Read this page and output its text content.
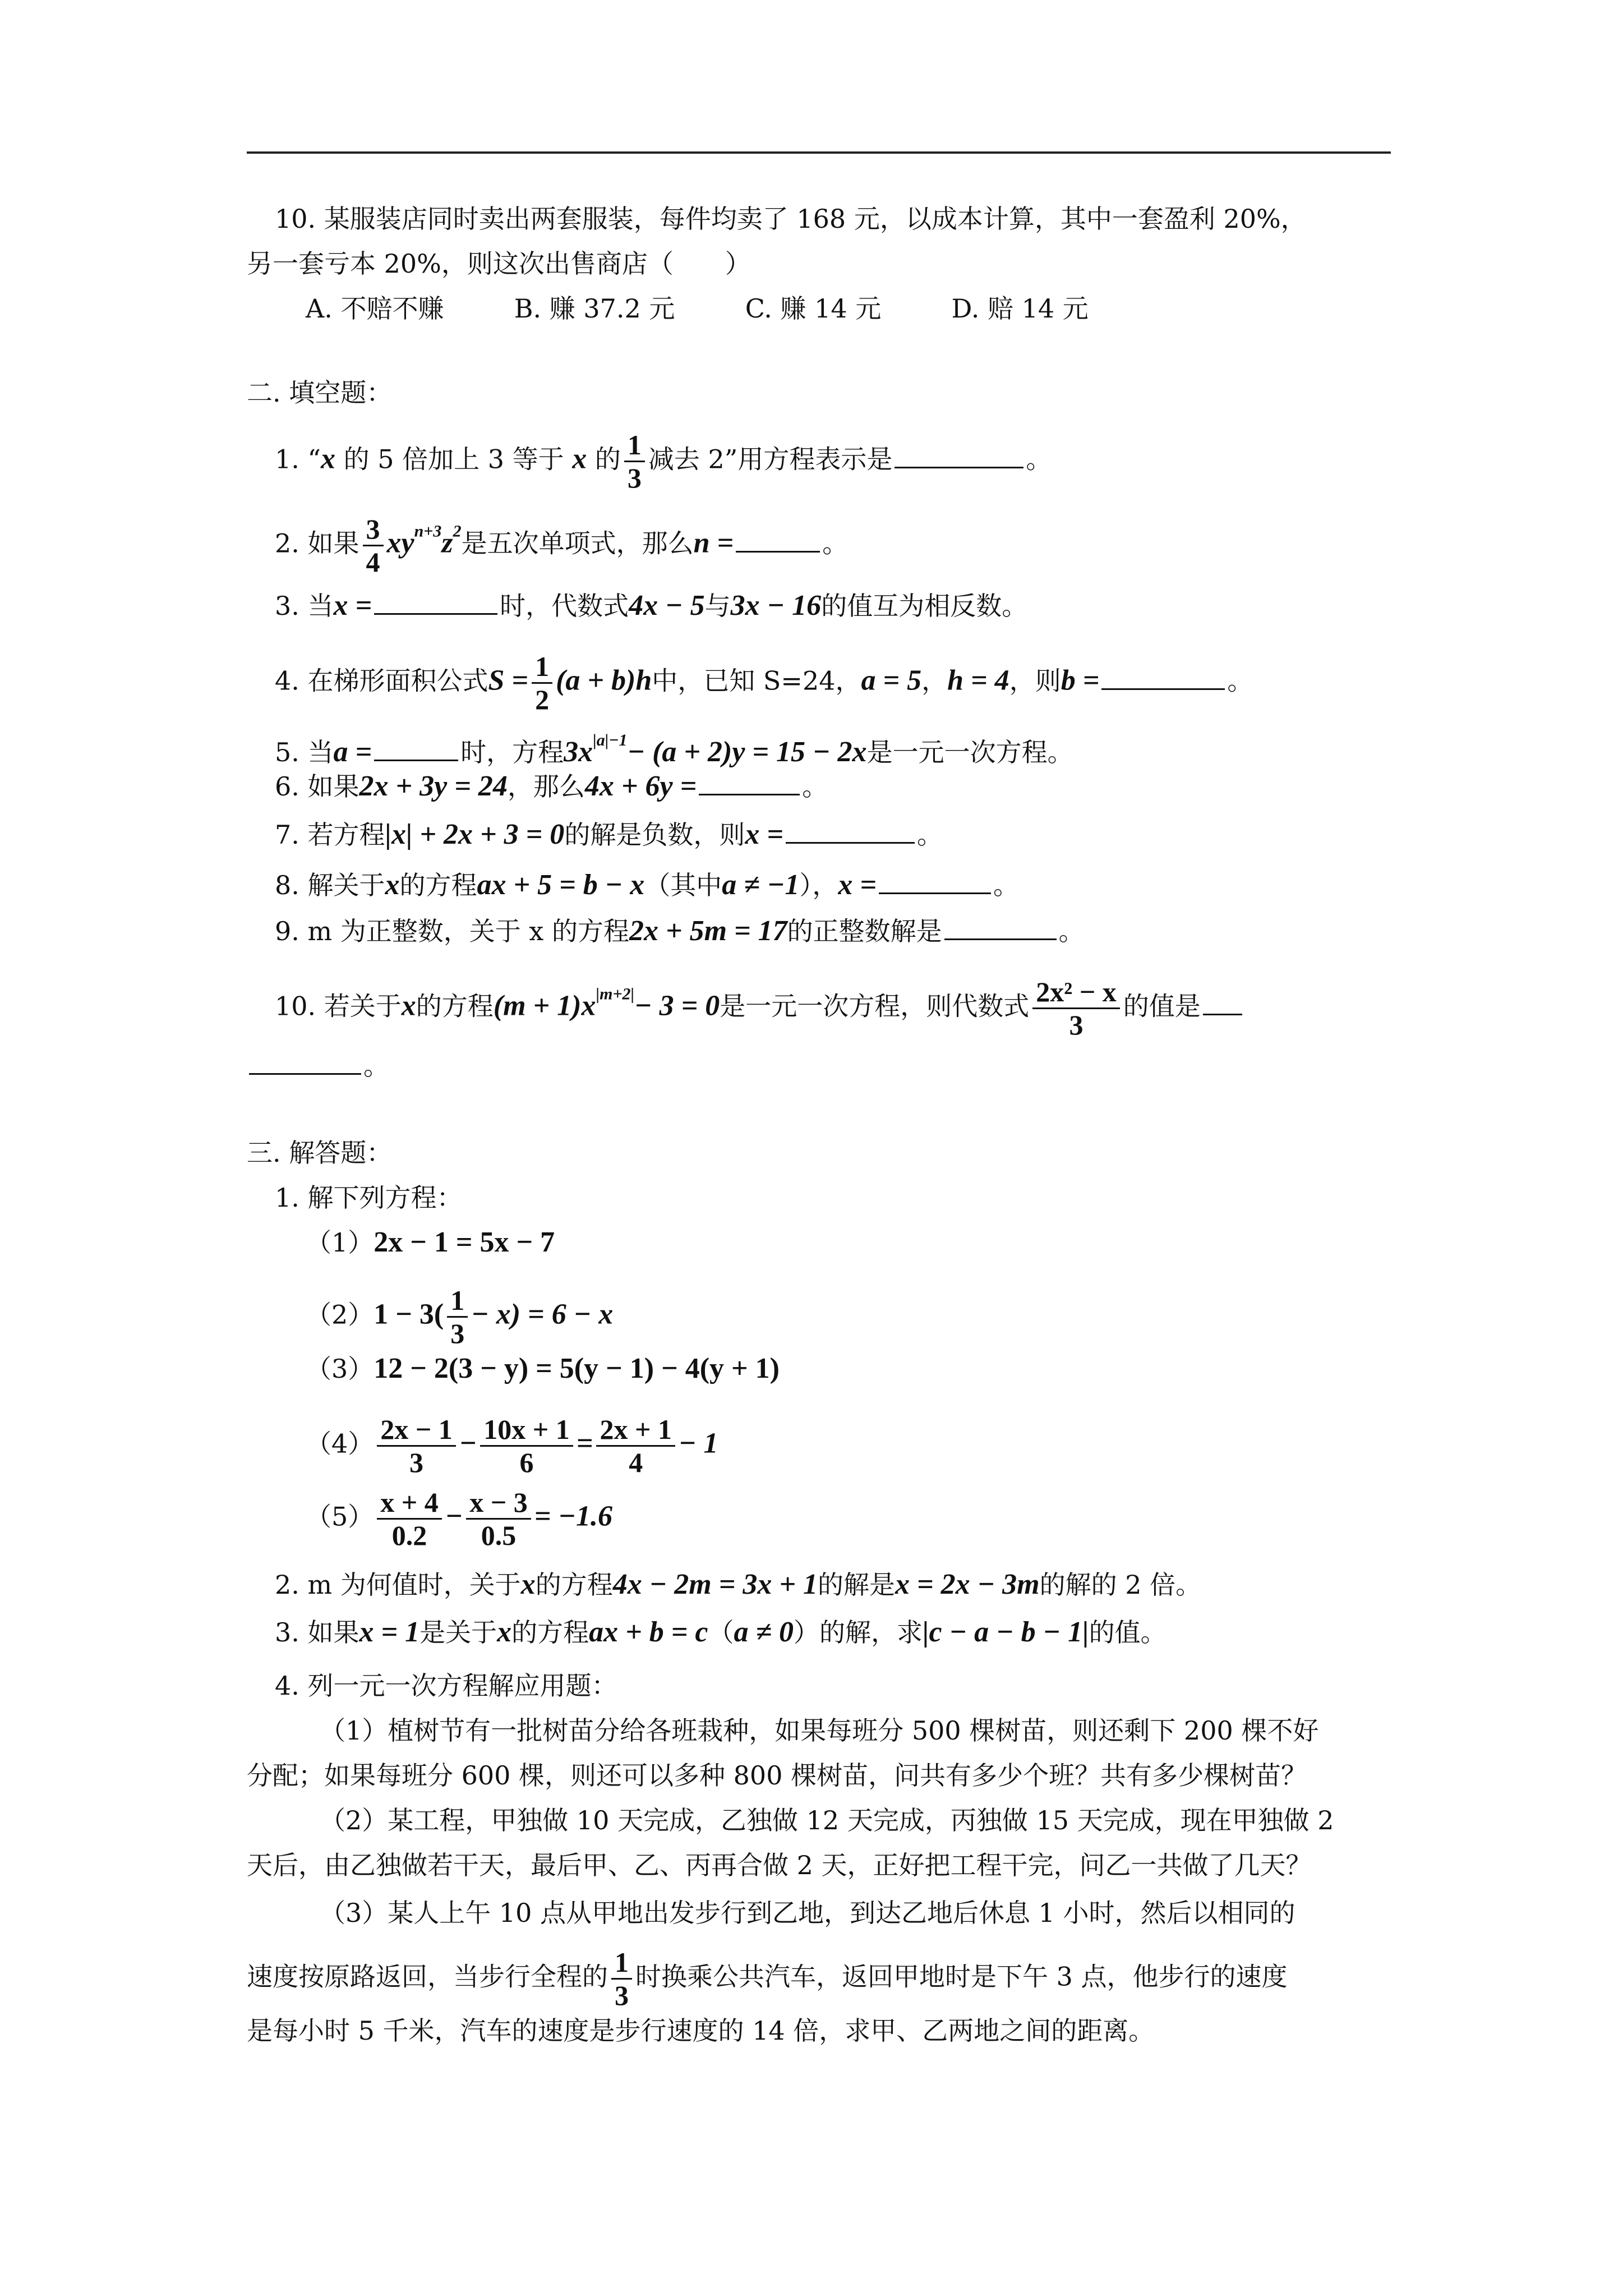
10. 某服装店同时卖出两套服装，每件均卖了 168 元，以成本计算，其中一套盈利 20%，
另一套亏本 20%，则这次出售商店（　　）
A. 不赔不赚	B. 赚 37.2 元	C. 赚 14 元	D. 赔 14 元
二. 填空题：
1. “x 的 5 倍加上 3 等于 x 的 $\frac{1}{3}$ 减去 2”用方程表示是	。
2. 如果 $\frac{3}{4} xy^{n+3}z^2$是五次单项式，那么n =	。
3. 当x =	时，代数式4x − 5与3x − 16的值互为相反数。
4. 在梯形面积公式$S = \frac{1}{2} (a + b)h$中，已知 S=24，a = 5，h = 4，则b =	。
5. 当a =	时，方程$3x^{|a|-1}- (a + 2)y = 15 - 2x$是一元一次方程。
6. 如果2x + 3y = 24，那么4x + 6y =	。
7. 若方程|x| + 2x + 3 = 0的解是负数，则x =	。
8. 解关于x的方程ax + 5 = b − x（其中a ≠ −1），x =	。
9. m 为正整数，关于 x 的方程2x + 5m = 17的正整数解是	。
10. 若关于x的方程$(m + 1)x^{|m+2|}- 3 = 0$是一元一次方程，则代数式 $\frac{\text{2x² − x}}{3}$ 的值是
。
三. 解答题：
1. 解下列方程：
（1）2x − 1 = 5x − 7
$(2)1 - 3( \frac{1}{3} - x) = 6 - x$
（3）12 − 2(3 − y) = 5(y − 1) − 4(y + 1)
$(4) \frac{2x - 1}{3} - \frac{10x + 1}{6} = \frac{2x + 1}{4} - 1$
$(5) \frac{x + 4}{0.2} - \frac{x - 3}{0.5} = -1.6$
2. m 为何值时，关于x的方程4x − 2m = 3x + 1的解是x = 2x − 3m的解的 2 倍。
3. 如果x = 1是关于x的方程ax + b = c（a ≠ 0）的解，求|c − a − b − 1|的值。
4. 列一元一次方程解应用题：
（1）植树节有一批树苗分给各班栽种，如果每班分 500 棵树苗，则还剩下 200 棵不好
分配；如果每班分 600 棵，则还可以多种 800 棵树苗，问共有多少个班？共有多少棵树苗？
（2）某工程，甲独做 10 天完成，乙独做 12 天完成，丙独做 15 天完成，现在甲独做 2
天后，由乙独做若干天，最后甲、乙、丙再合做 2 天，正好把工程干完，问乙一共做了几天？
（3）某人上午 10 点从甲地出发步行到乙地，到达乙地后休息 1 小时，然后以相同的
速度按原路返回，当步行全程的 $\frac{1}{3}$ 时换乘公共汽车，返回甲地时是下午 3 点，他步行的速度
是每小时 5 千米，汽车的速度是步行速度的 14 倍，求甲、乙两地之间的距离。
